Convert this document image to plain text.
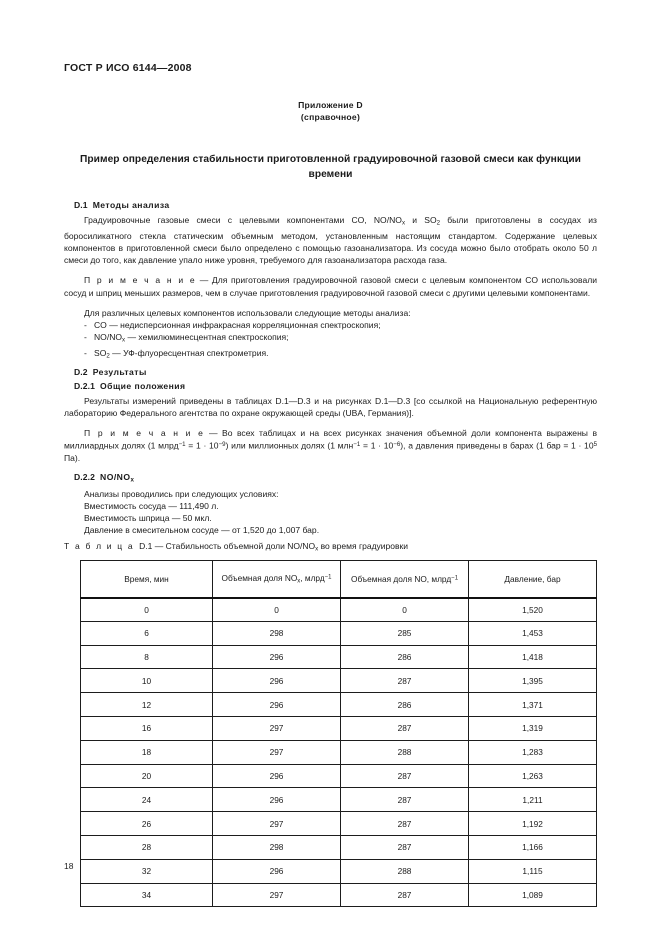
ГОСТ Р ИСО 6144—2008
Приложение D
(справочное)
Пример определения стабильности приготовленной градуировочной газовой смеси как функции времени
D.1 Методы анализа

Градуировочные газовые смеси с целевыми компонентами CO, $NO/NO_x$ и $SO_2$ были приготовлены в сосудах из боросиликатного стекла статическим объемным методом, установленным настоящим стандартом. Содержание целевых компонентов в приготовленной смеси было определено с помощью газоанализатора. Из сосуда можно было отобрать около 50 л смеси до того, как давление упало ниже уровня, требуемого для газоанализатора расхода газа.

П р и м е ч а н и е — Для приготовления градуировочной газовой смеси с целевым компонентом CO использовали сосуд и шприц меньших размеров, чем в случае приготовления градуировочной газовой смеси с другими целевыми компонентами.

Для различных целевых компонентов использовали следующие методы анализа:

- CO — недисперсионная инфракрасная корреляционная спектроскопия;
- $NO/NO_x$ — хемилюминесцентная спектроскопия;
- $SO_2$ — УФ-флуоресцентная спектрометрия.
D.2 Результаты
D.2.1 Общие положения

Результаты измерений приведены в таблицах D.1—D.3 и на рисунках D.1—D.3 [со ссылкой на Национальную референтную лабораторию Федерального агентства по охране окружающей среды (UBA, Германия)].

П р и м е ч а н и е — Во всех таблицах и на всех рисунках значения объемной доли компонента выражены в миллиардных долях (1 млрд$^{-1}$ = $1 \cdot 10^{-9}$) или миллионных долях (1 $млн^{-1} = 1 \cdot 10^{-6}$), а давления приведены в барах (1 бар = $1 \cdot 10^5$ Па).

D.2.2 $NO/NO_x$
Анализы проводились при следующих условиях:
Вместимость сосуда — 111,490 л.
Вместимость шприца — 50 мкл.
Давление в смесительном сосуде — от 1,520 до 1,007 бар.
Т а б л и ц а D.1 — Стабильность объемной доли $NO/NO_x$ во время градуировки
Время, мин	Объемная доля $NO_x$, млрд$^{-1}$	Объемная доля NO, млрд$^{-1}$	Давление, бар
0	0	0	1,520
6	298	285	1,453
8	296	286	1,418
10	296	287	1,395
12	296	286	1,371
16	297	287	1,319
18	297	288	1,283
20	296	287	1,263
24	296	287	1,211
26	297	287	1,192
28	298	287	1,166
32	296	288	1,115
34	297	287	1,089
18
